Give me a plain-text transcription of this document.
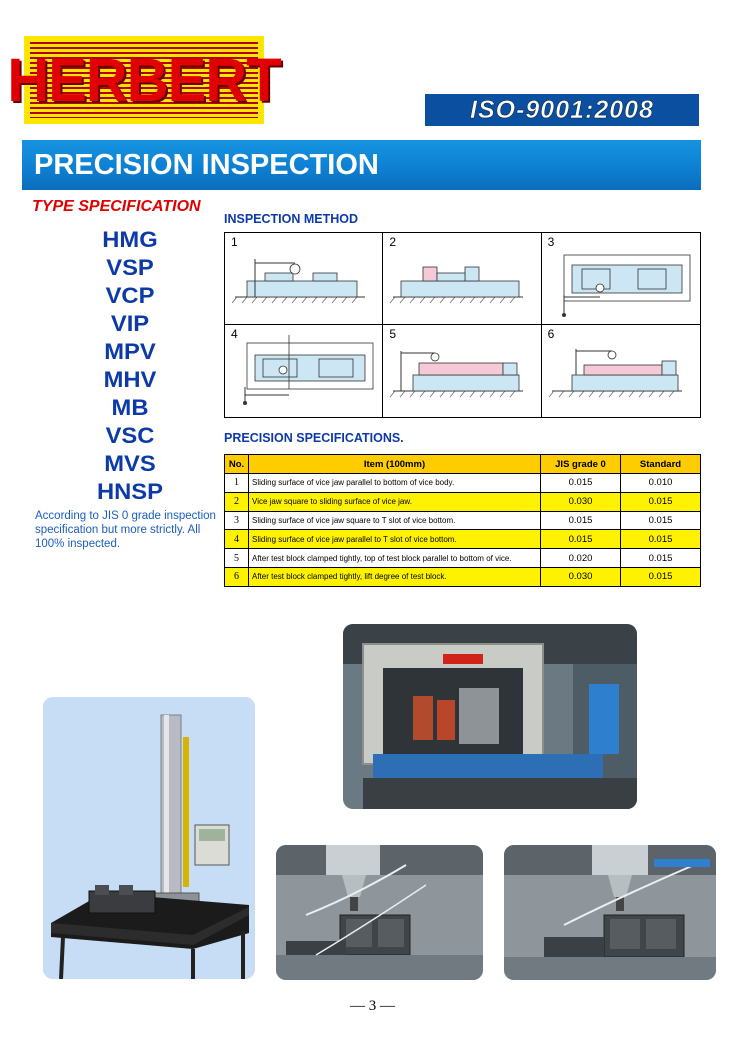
HERBERT	ISO-9001:2008
PRECISION INSPECTION
TYPE SPECIFICATION
HMG
VSP
VCP
VIP
MPV
MHV
MB
VSC
MVS
HNSP
According to JIS 0 grade inspection specification but more strictly. All 100% inspected.
INSPECTION METHOD
1	2	3
4	5	6
PRECISION SPECIFICATIONS.
No.	Item (100mm)	JIS grade 0	Standard
1	Sliding surface of vice jaw parallel to bottom of vice body.	0.015	0.010
2	Vice jaw square to sliding surface of vice jaw.	0.030	0.015
3	Sliding surface of vice jaw square to T slot of vice bottom.	0.015	0.015
4	Sliding surface of vice jaw parallel to T slot of vice bottom.	0.015	0.015
5	After test block clamped tightly, top of test block parallel to bottom of vice.	0.020	0.015
6	After test block clamped tightly, lift degree of test block.	0.030	0.015
— 3 —
